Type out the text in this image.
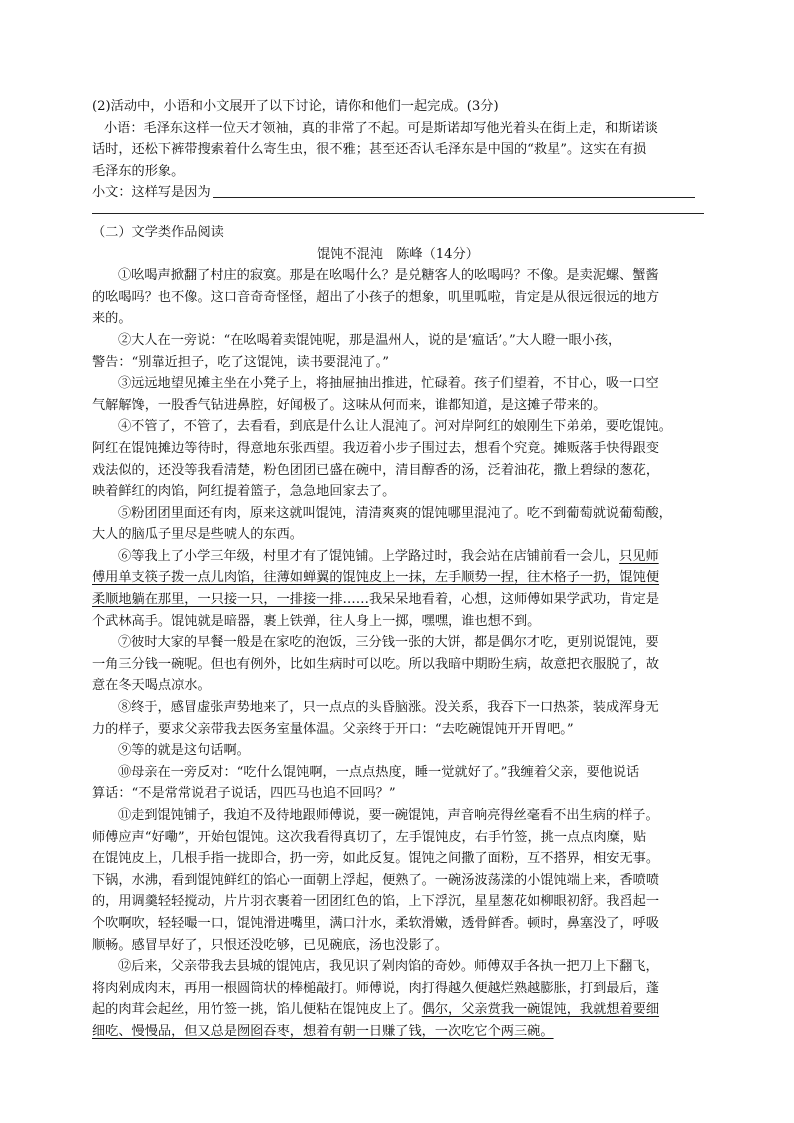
(2)活动中，小语和小文展开了以下讨论，请你和他们一起完成。(3分)
小语：毛泽东这样一位天才领袖，真的非常了不起。可是斯诺却写他光着头在街上走，和斯诺谈
话时，还松下裤带搜索着什么寄生虫，很不雅；甚至还否认毛泽东是中国的“救星”。这实在有损
毛泽东的形象。
小文：这样写是因为
（二）文学类作品阅读
馄饨不混沌　陈峰（14分）
①吆喝声掀翻了村庄的寂寞。那是在吆喝什么？是兑糖客人的吆喝吗？不像。是卖泥螺、蟹酱
的吆喝吗？也不像。这口音奇奇怪怪，超出了小孩子的想象，叽里呱啦，肯定是从很远很远的地方
来的。
②大人在一旁说：“在吆喝着卖馄饨呢，那是温州人，说的是‘瘟话’。”大人瞪一眼小孩，
警告：“别靠近担子，吃了这馄饨，读书要混沌了。”
③远远地望见摊主坐在小凳子上，将抽屉抽出推进，忙碌着。孩子们望着，不甘心，吸一口空
气解解馋，一股香气钻进鼻腔，好闻极了。这味从何而来，谁都知道，是这摊子带来的。
④不管了，不管了，去看看，到底是什么让人混沌了。河对岸阿红的娘刚生下弟弟，要吃馄饨。
阿红在馄饨摊边等待时，得意地东张西望。我迈着小步子围过去，想看个究竟。摊贩落手快得跟变
戏法似的，还没等我看清楚，粉色团团已盛在碗中，清目醇香的汤，泛着油花，撒上碧绿的葱花，
映着鲜红的肉馅，阿红提着篮子，急急地回家去了。
⑤粉团团里面还有肉，原来这就叫馄饨，清清爽爽的馄饨哪里混沌了。吃不到葡萄就说葡萄酸，
大人的脑瓜子里尽是些唬人的东西。
⑥等我上了小学三年级，村里才有了馄饨铺。上学路过时，我会站在店铺前看一会儿，只见师
傅用单支筷子拨一点儿肉馅，往薄如蝉翼的馄饨皮上一抹，左手顺势一捏，往木格子一扔，馄饨便
柔顺地躺在那里，一只接一只，一排接一排……我呆呆地看着，心想，这师傅如果学武功，肯定是
个武林高手。馄饨就是暗器，裹上铁弹，往人身上一掷，嘿嘿，谁也想不到。
⑦彼时大家的早餐一般是在家吃的泡饭，三分钱一张的大饼，都是偶尔才吃，更别说馄饨，要
一角三分钱一碗呢。但也有例外，比如生病时可以吃。所以我暗中期盼生病，故意把衣服脱了，故
意在冬天喝点凉水。
⑧终于，感冒虚张声势地来了，只一点点的头昏脑涨。没关系，我吞下一口热茶，装成浑身无
力的样子，要求父亲带我去医务室量体温。父亲终于开口：“去吃碗馄饨开开胃吧。”
⑨等的就是这句话啊。
⑩母亲在一旁反对：“吃什么馄饨啊，一点点热度，睡一觉就好了。”我缠着父亲，要他说话
算话：“不是常常说君子说话，四匹马也追不回吗？”
⑪走到馄饨铺子，我迫不及待地跟师傅说，要一碗馄饨，声音响亮得丝毫看不出生病的样子。
师傅应声“好嘞”，开始包馄饨。这次我看得真切了，左手馄饨皮，右手竹签，挑一点点肉糜，贴
在馄饨皮上，几根手指一拢即合，扔一旁，如此反复。馄饨之间撒了面粉，互不搭界，相安无事。
下锅，水沸，看到馄饨鲜红的馅心一面朝上浮起，便熟了。一碗汤波荡漾的小馄饨端上来，香喷喷
的，用调羹轻轻搅动，片片羽衣裹着一团团红色的馅，上下浮沉，星星葱花如柳眼初舒。我舀起一
个吹啊吹，轻轻嘬一口，馄饨滑进嘴里，满口汁水，柔软滑嫩，透骨鲜香。顿时，鼻塞没了，呼吸
顺畅。感冒早好了，只恨还没吃够，已见碗底，汤也没影了。
⑫后来，父亲带我去县城的馄饨店，我见识了剁肉馅的奇妙。师傅双手各执一把刀上下翻飞，
将肉剁成肉末，再用一根圆筒状的棒槌敲打。师傅说，肉打得越久便越烂熟越膨胀，打到最后，蓬
起的肉茸会起丝，用竹签一挑，馅儿便粘在馄饨皮上了。偶尔，父亲赏我一碗馄饨，我就想着要细
细吃、慢慢品，但又总是囫囵吞枣，想着有朝一日赚了钱，一次吃它个两三碗。
